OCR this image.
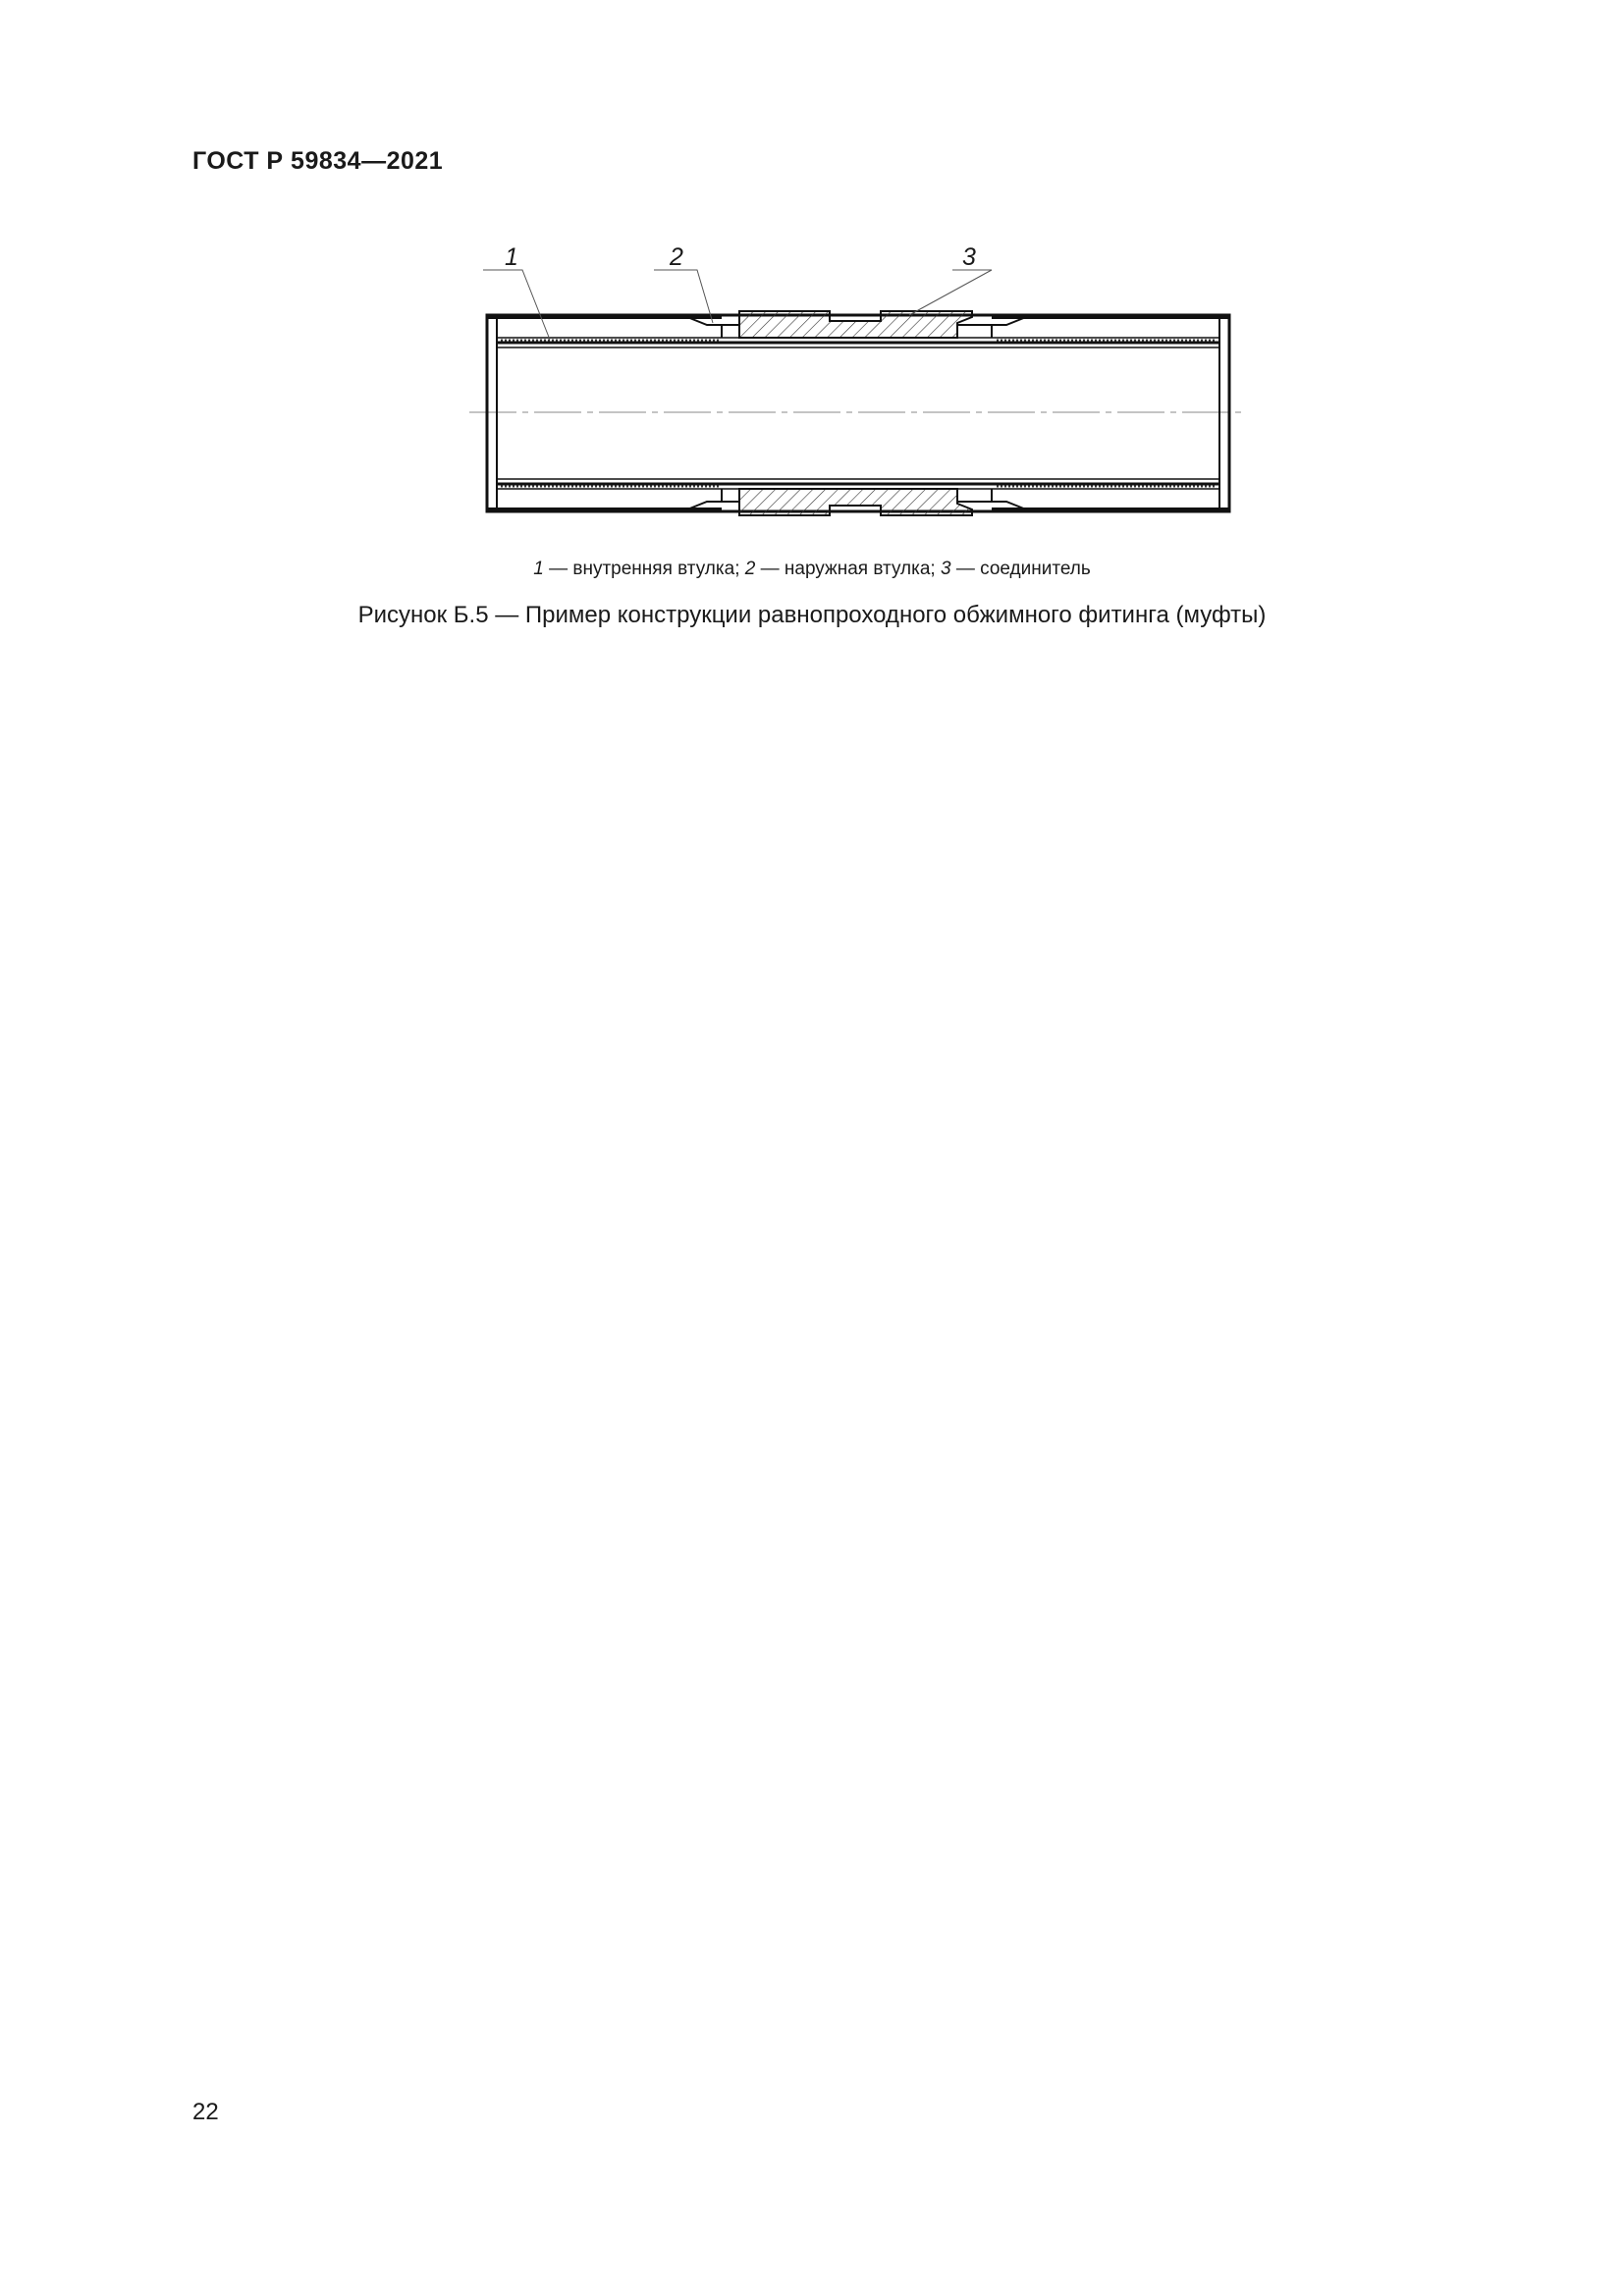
ГОСТ Р 59834—2021
1	2	3
1 — внутренняя втулка; 2 — наружная втулка; 3 — соединитель
Рисунок Б.5 — Пример конструкции равнопроходного обжимного фитинга (муфты)
22
